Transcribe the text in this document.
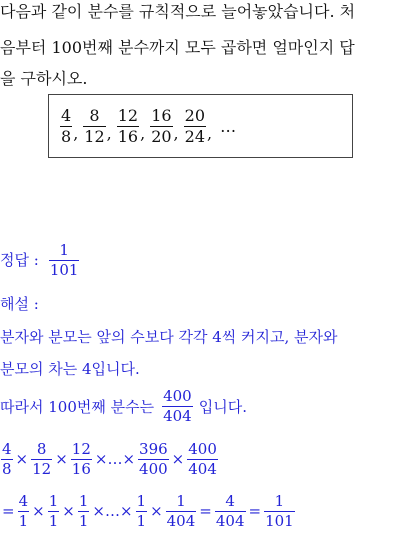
다음과 같이 분수를 규칙적으로 늘어놓았습니다. 처
음부터 100번째 분수까지 모두 곱하면 얼마인지 답
을 구하시오.
$\frac{4}{8}$ , $\frac{8}{12}$ , $\frac{12}{16}$ , $\frac{16}{20}$ , $\frac{20}{24}$ , …
정답 : $\frac{1}{101}$
해설 :
분자와 분모는 앞의 수보다 각각 4씩 커지고, 분자와
분모의 차는 4입니다.
따라서 100번째 분수는 $\frac{400}{404}$ 입니다.
$\frac{4}{8} \times \frac{8}{12} \times \frac{12}{16}$ ×…× $\frac{396}{400} \times \frac{400}{404}$
= $\frac{4}{1} \times \frac{1}{1} \times \frac{1}{1}$ ×…× $\frac{1}{1} \times \frac{1}{404} = \frac{4}{404} = \frac{1}{101}$
